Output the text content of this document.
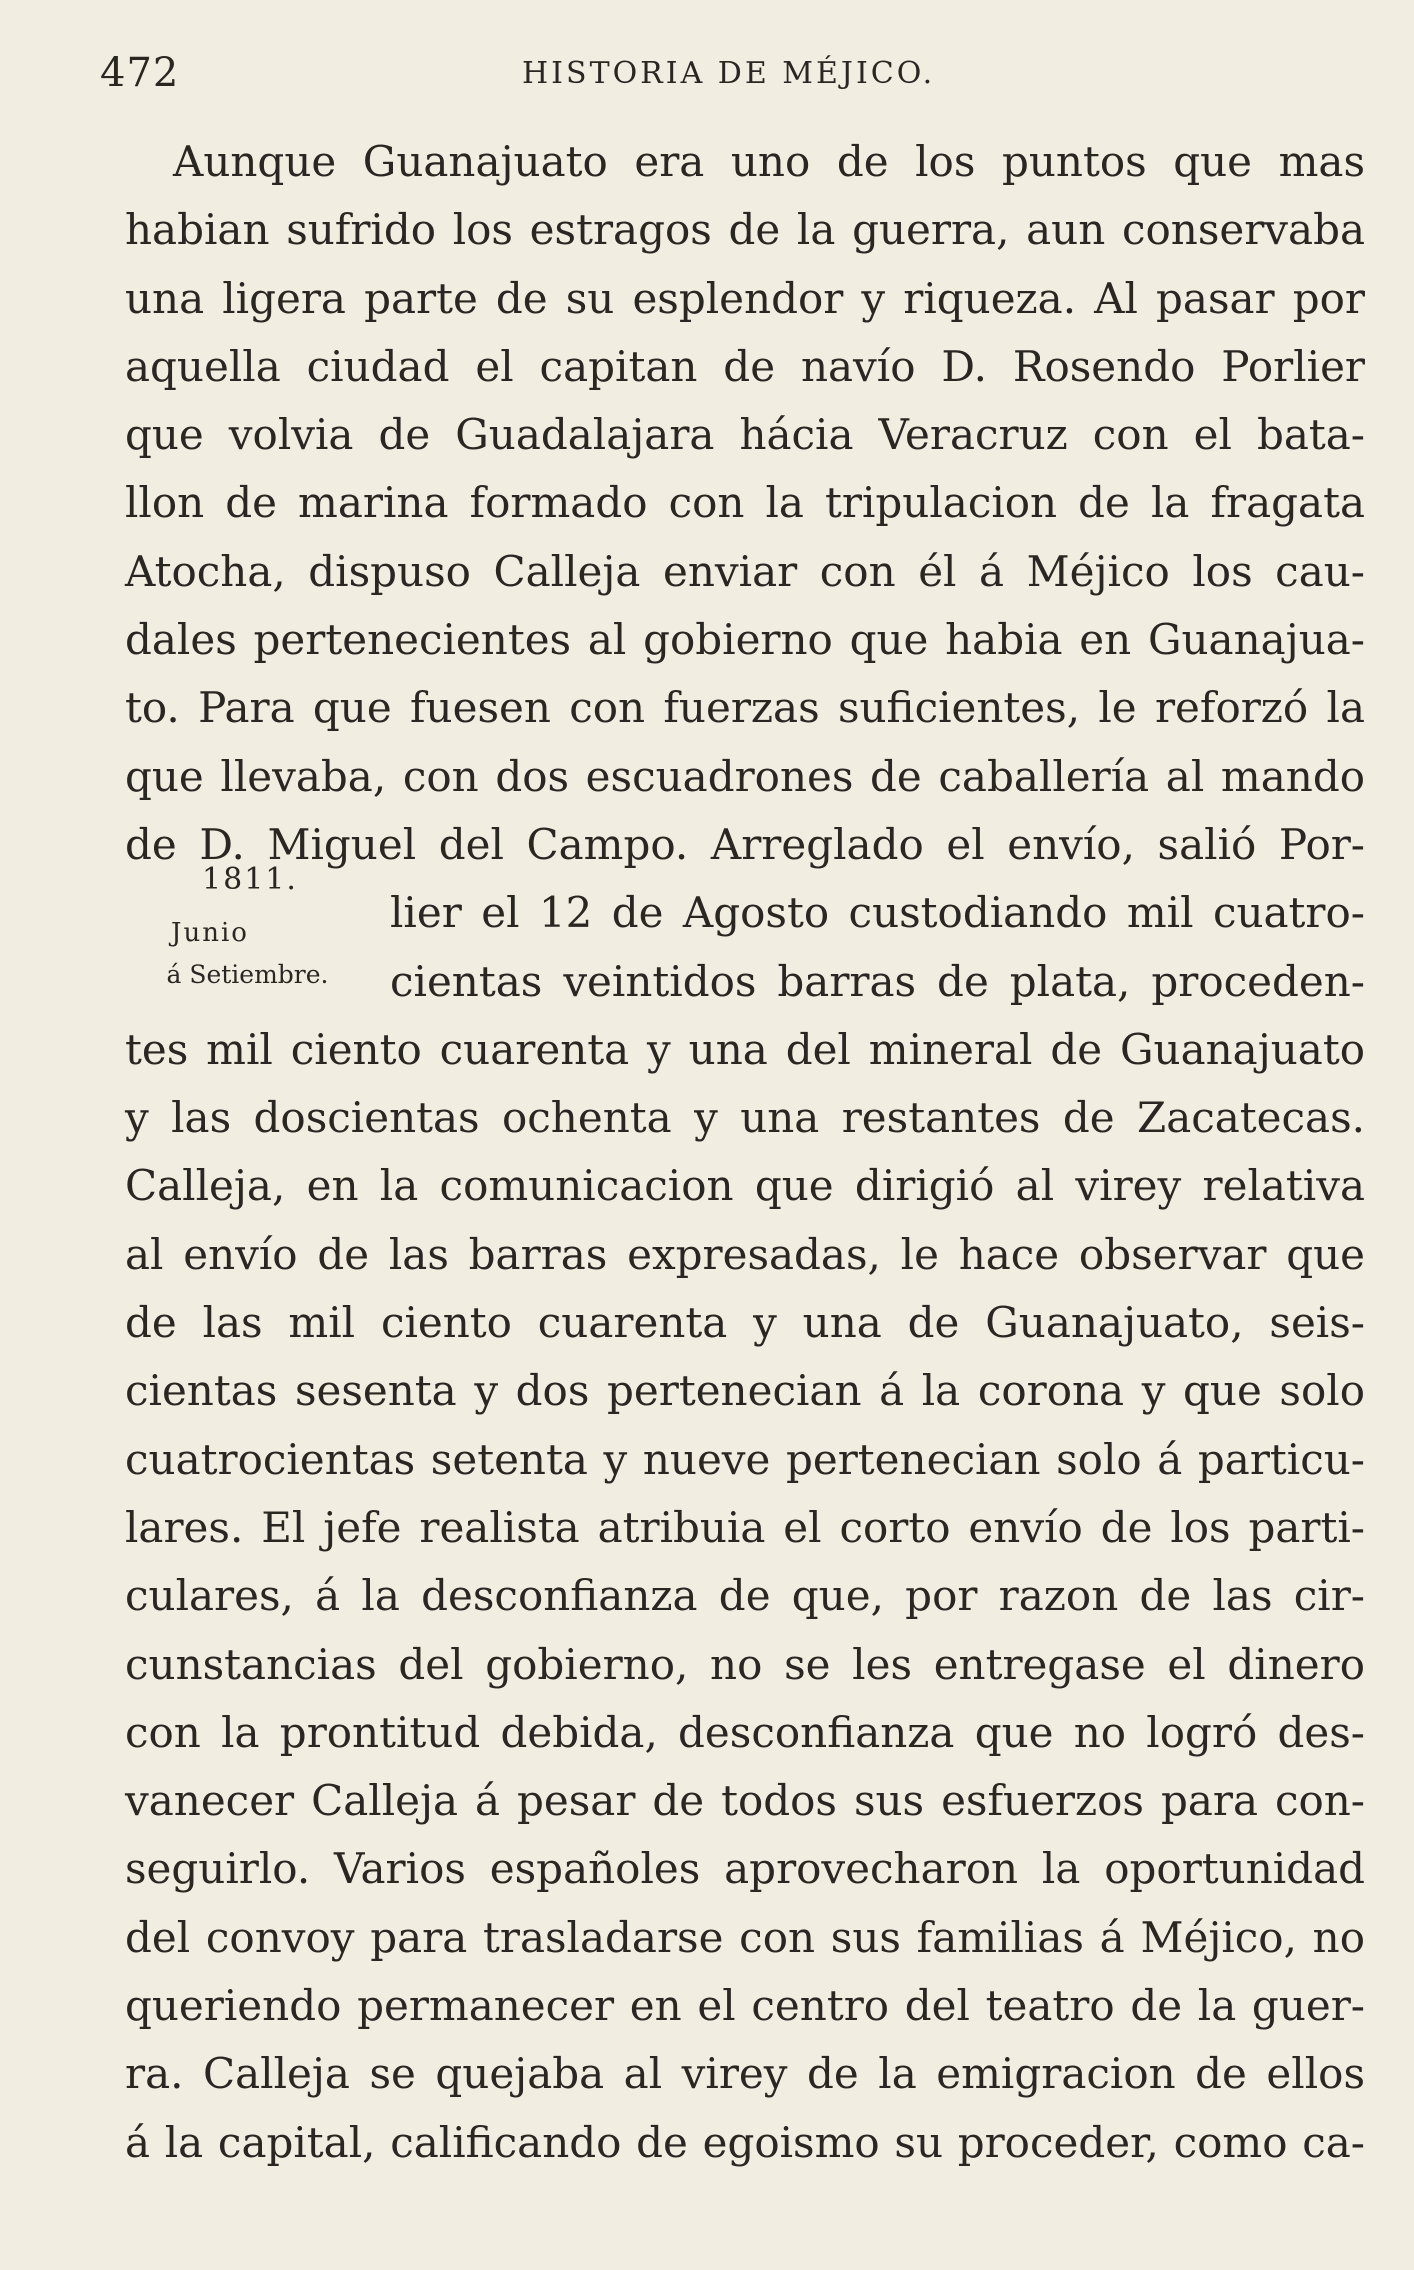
472	HISTORIA DE MÉJICO.
1811.
Junio
á Setiembre.
Aunque Guanajuato era uno de los puntos que mas
habian sufrido los estragos de la guerra, aun conservaba
una ligera parte de su esplendor y riqueza. Al pasar por
aquella ciudad el capitan de navío D. Rosendo Porlier
que volvia de Guadalajara hácia Veracruz con el bata-
llon de marina formado con la tripulacion de la fragata
Atocha, dispuso Calleja enviar con él á Méjico los cau-
dales pertenecientes al gobierno que habia en Guanajua-
to. Para que fuesen con fuerzas suficientes, le reforzó la
que llevaba, con dos escuadrones de caballería al mando
de D. Miguel del Campo. Arreglado el envío, salió Por-
lier el 12 de Agosto custodiando mil cuatro-
cientas veintidos barras de plata, proceden-
tes mil ciento cuarenta y una del mineral de Guanajuato
y las doscientas ochenta y una restantes de Zacatecas.
Calleja, en la comunicacion que dirigió al virey relativa
al envío de las barras expresadas, le hace observar que
de las mil ciento cuarenta y una de Guanajuato, seis-
cientas sesenta y dos pertenecian á la corona y que solo
cuatrocientas setenta y nueve pertenecian solo á particu-
lares. El jefe realista atribuia el corto envío de los parti-
culares, á la desconfianza de que, por razon de las cir-
cunstancias del gobierno, no se les entregase el dinero
con la prontitud debida, desconfianza que no logró des-
vanecer Calleja á pesar de todos sus esfuerzos para con-
seguirlo. Varios españoles aprovecharon la oportunidad
del convoy para trasladarse con sus familias á Méjico, no
queriendo permanecer en el centro del teatro de la guer-
ra. Calleja se quejaba al virey de la emigracion de ellos
á la capital, calificando de egoismo su proceder, como ca-
